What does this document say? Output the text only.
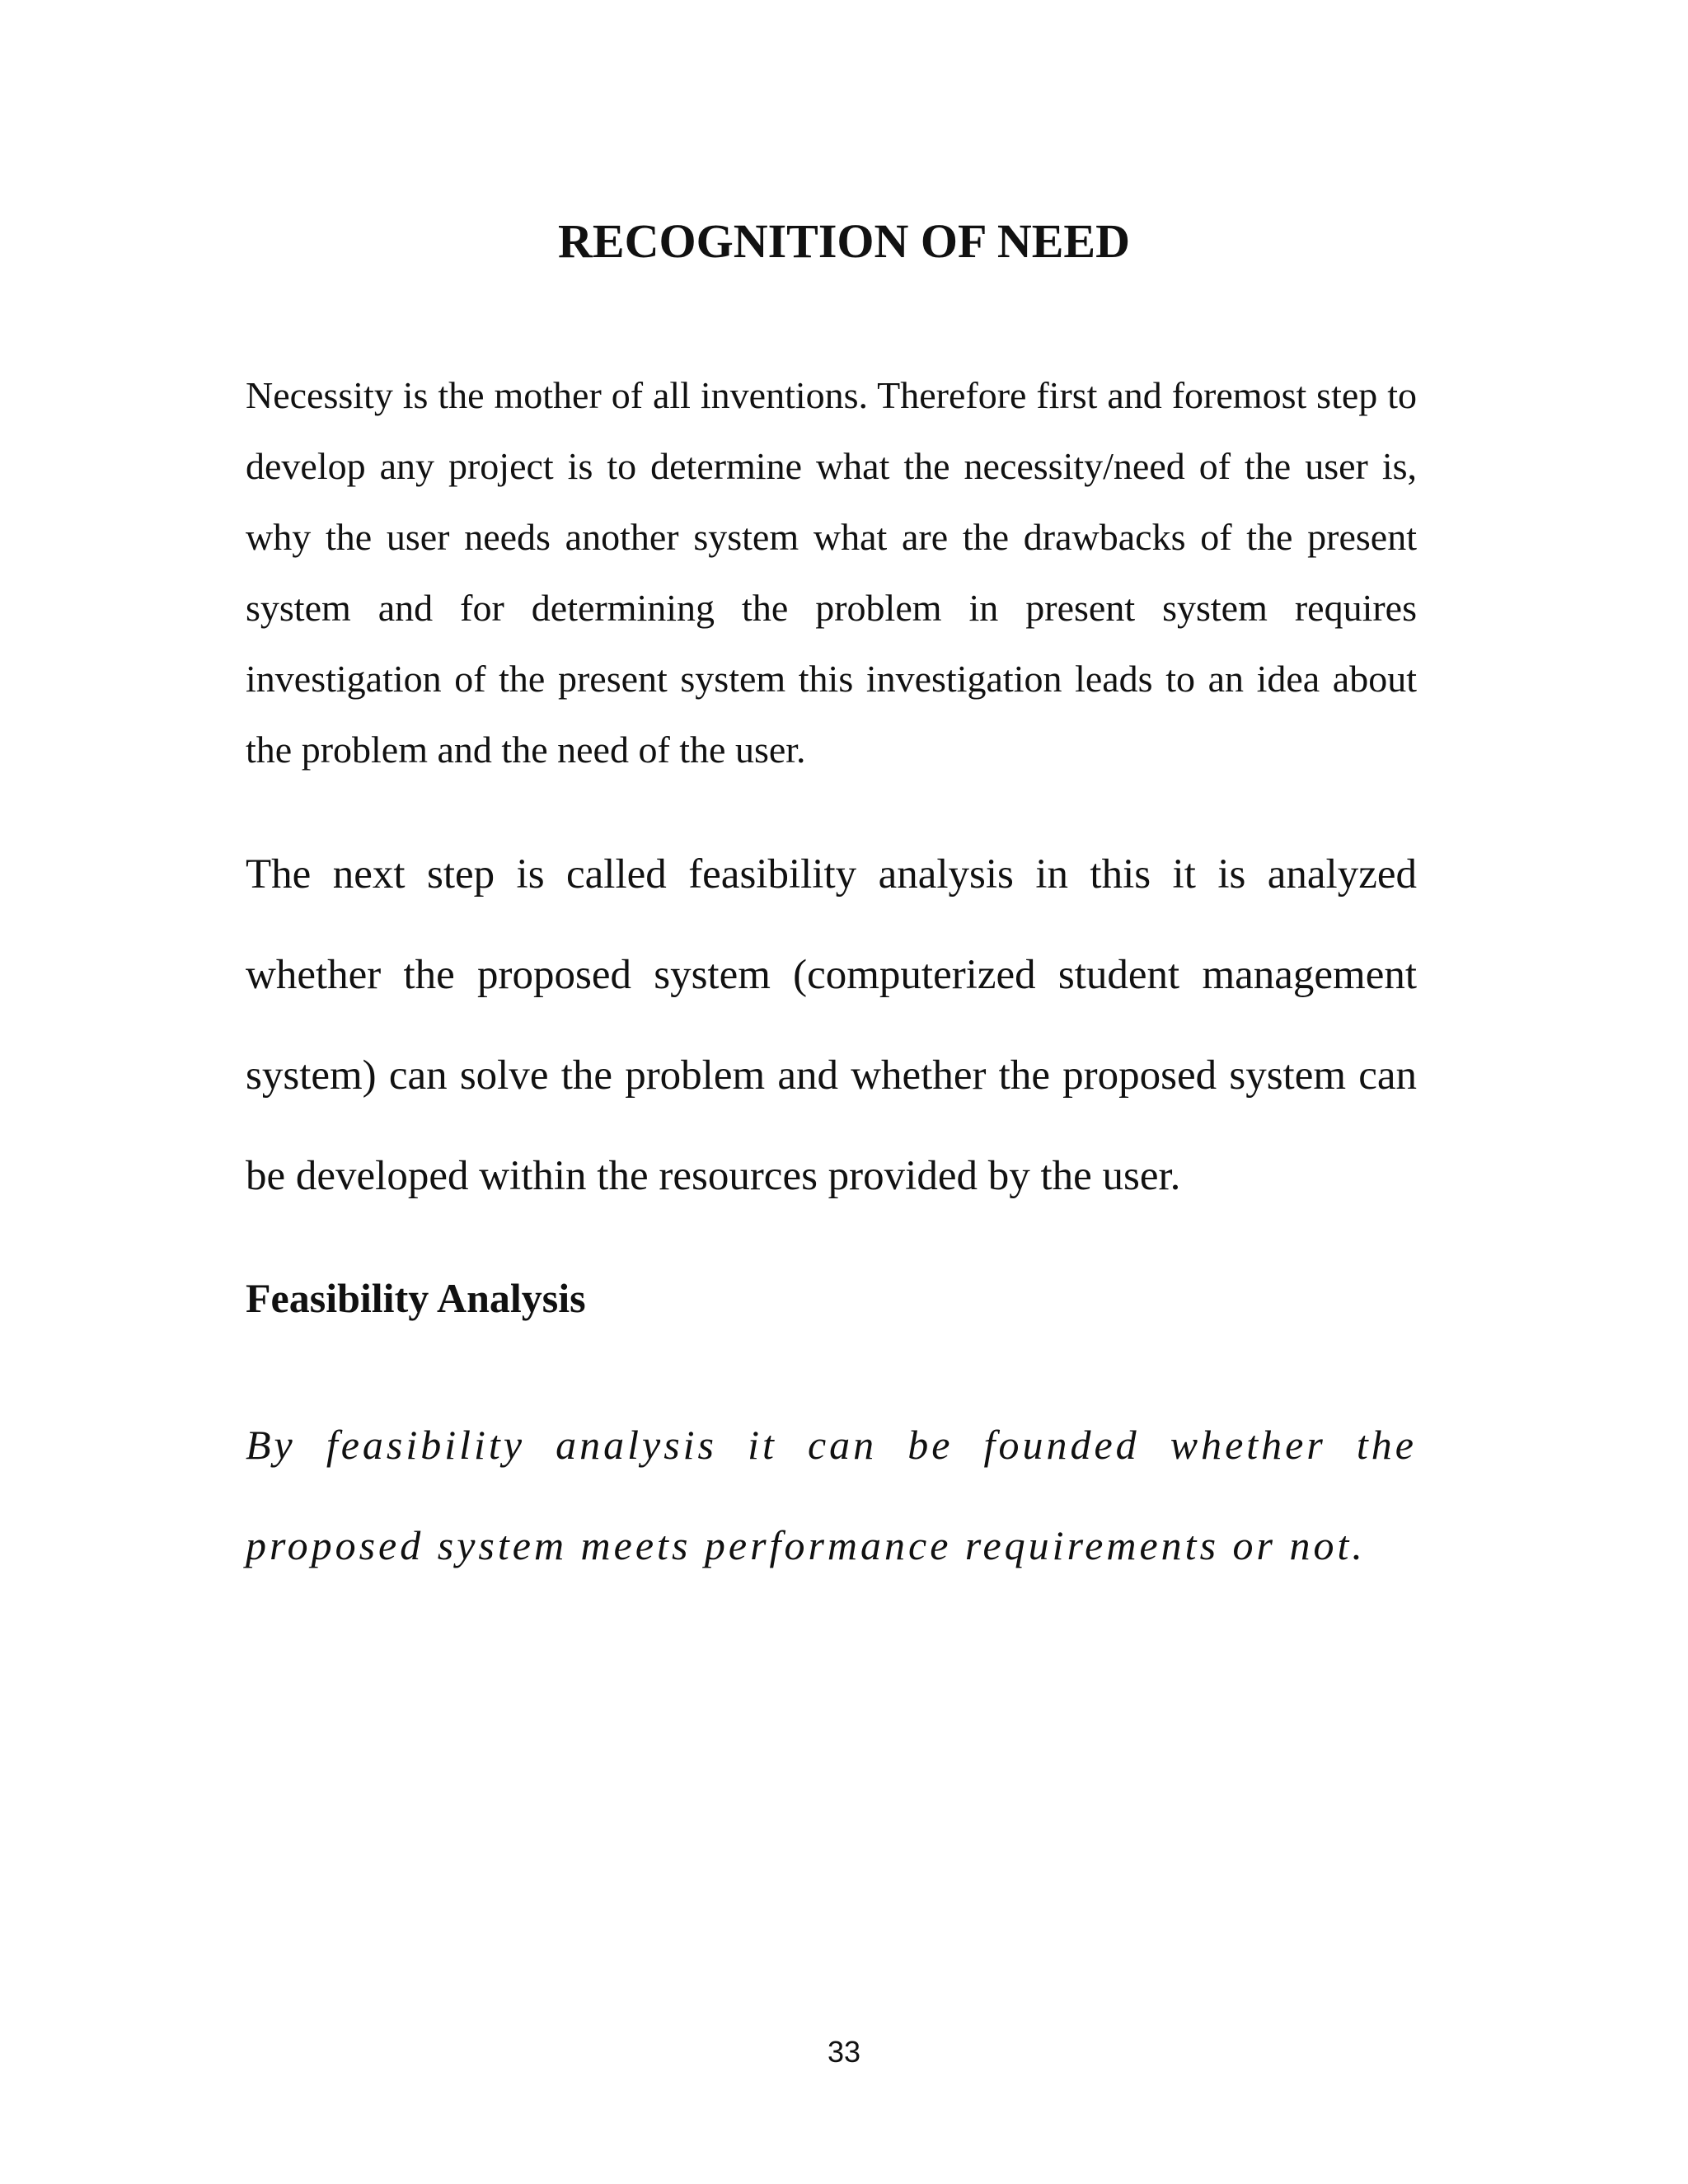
RECOGNITION OF NEED

Necessity is the mother of all inventions. Therefore first and foremost step to develop any project is to determine what the necessity/need of the user is, why the user needs another system what are the drawbacks of the present system and for determining the problem in present system requires investigation of the present system this investigation leads to an idea about the problem and the need of the user.

The next step is called feasibility analysis in this it is analyzed whether the proposed system (computerized student management system) can solve the problem and whether the proposed system can be developed within the resources provided by the user.

Feasibility Analysis

By feasibility analysis it can be founded whether the proposed system meets performance requirements or not.

33
